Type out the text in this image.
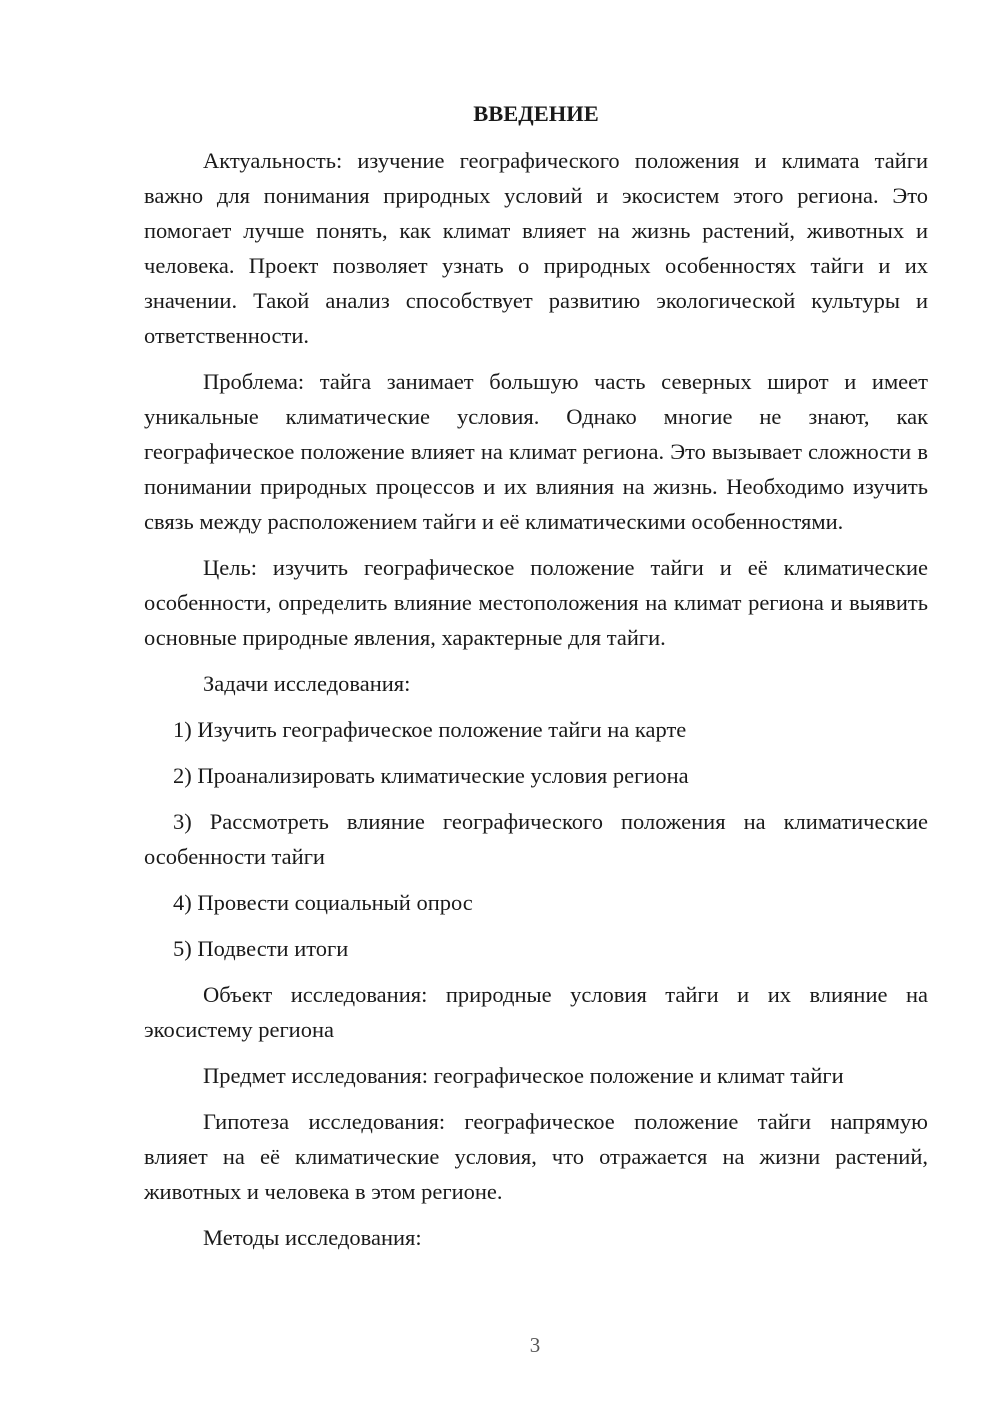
ВВЕДЕНИЕ

Актуальность: изучение географического положения и климата тайги важно для понимания природных условий и экосистем этого региона. Это помогает лучше понять, как климат влияет на жизнь растений, животных и человека. Проект позволяет узнать о природных особенностях тайги и их значении. Такой анализ способствует развитию экологической культуры и ответственности.

Проблема: тайга занимает большую часть северных широт и имеет уникальные климатические условия. Однако многие не знают, как географическое положение влияет на климат региона. Это вызывает сложности в понимании природных процессов и их влияния на жизнь. Необходимо изучить связь между расположением тайги и её климатическими особенностями.

Цель: изучить географическое положение тайги и её климатические особенности, определить влияние местоположения на климат региона и выявить основные природные явления, характерные для тайги.

Задачи исследования:

1) Изучить географическое положение тайги на карте

2) Проанализировать климатические условия региона

3) Рассмотреть влияние географического положения на климатические особенности тайги

4) Провести социальный опрос

5) Подвести итоги

Объект исследования: природные условия тайги и их влияние на экосистему региона

Предмет исследования: географическое положение и климат тайги

Гипотеза исследования: географическое положение тайги напрямую влияет на её климатические условия, что отражается на жизни растений, животных и человека в этом регионе.

Методы исследования:

3
